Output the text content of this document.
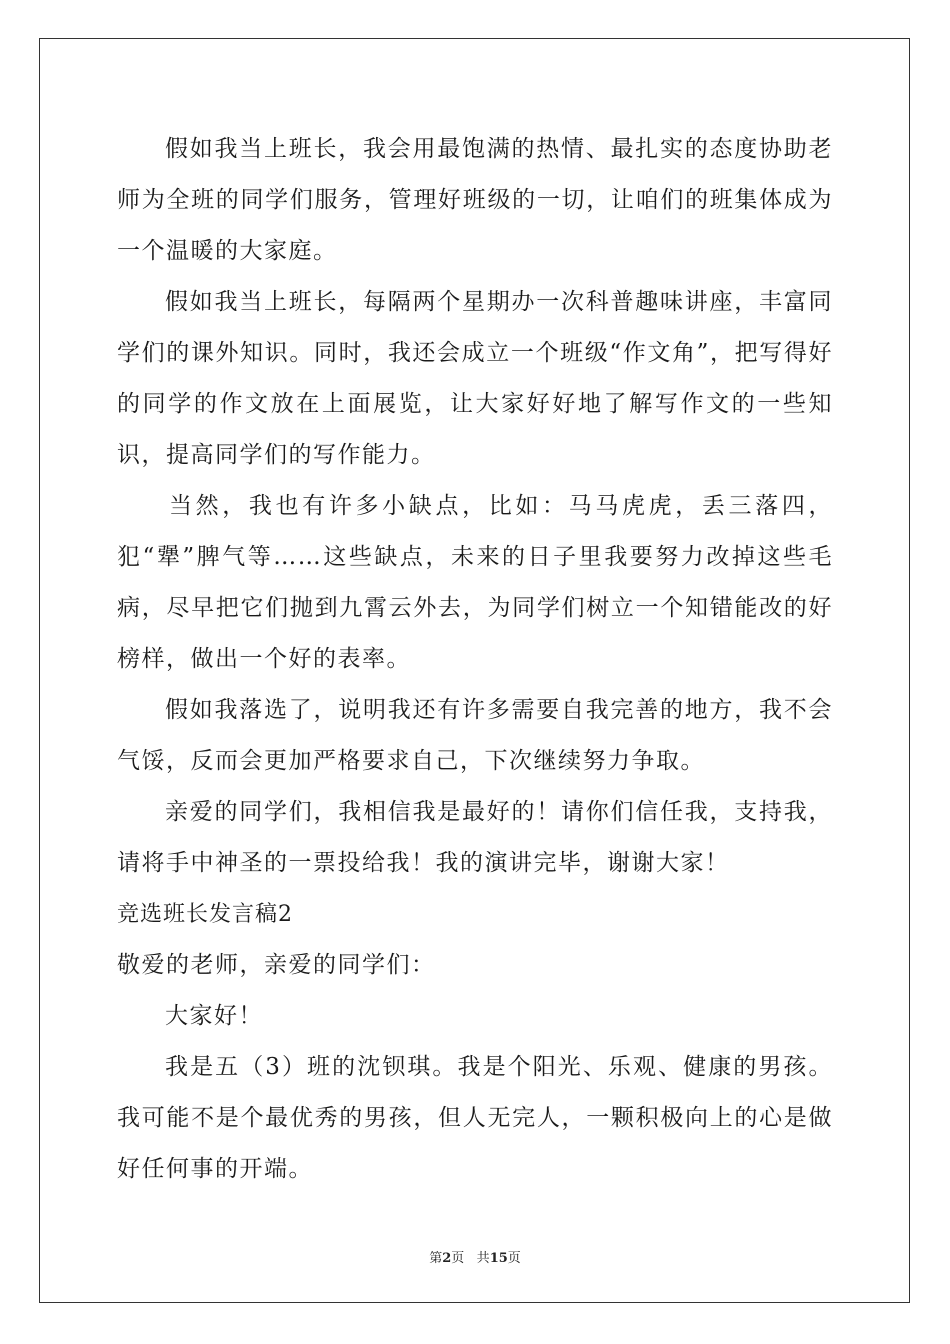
假如我当上班长，我会用最饱满的热情、最扎实的态度协助老师为全班的同学们服务，管理好班级的一切，让咱们的班集体成为一个温暖的大家庭。

假如我当上班长，每隔两个星期办一次科普趣味讲座，丰富同学们的课外知识。同时，我还会成立一个班级“作文角”，把写得好的同学的作文放在上面展览，让大家好好地了解写作文的一些知识，提高同学们的写作能力。

当然，我也有许多小缺点，比如：马马虎虎，丢三落四，犯“犟”脾气等……这些缺点，未来的日子里我要努力改掉这些毛病，尽早把它们抛到九霄云外去，为同学们树立一个知错能改的好榜样，做出一个好的表率。

假如我落选了，说明我还有许多需要自我完善的地方，我不会气馁，反而会更加严格要求自己，下次继续努力争取。

亲爱的同学们，我相信我是最好的！请你们信任我，支持我，请将手中神圣的一票投给我！我的演讲完毕，谢谢大家！

竞选班长发言稿2

敬爱的老师，亲爱的同学们：

大家好！

我是五（3）班的沈钡琪。我是个阳光、乐观、健康的男孩。我可能不是个最优秀的男孩，但人无完人，一颗积极向上的心是做好任何事的开端。

第2页 共15页
